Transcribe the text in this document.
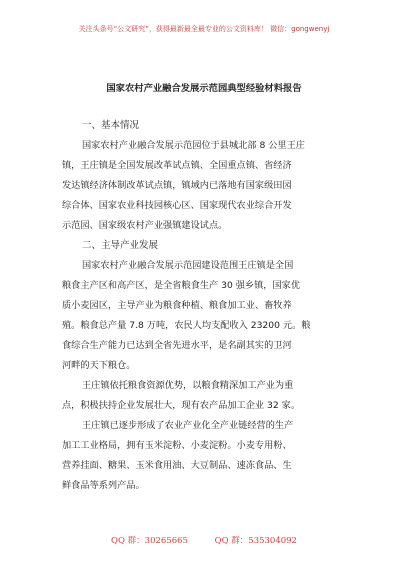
关注头条号“公文研究”，获得最新最全最专业的公文资料库！ 微信：gongwenyj
国家农村产业融合发展示范园典型经验材料报告
一、基本情况

国家农村产业融合发展示范园位于县城北部 8 公里王庄
镇，王庄镇是全国发展改革试点镇、全国重点镇、省经济
发达镇经济体制改革试点镇，镇域内已落地有国家级田园
综合体、国家农业科技园核心区、国家现代农业综合开发
示范园、国家级农村产业强镇建设试点。

二、主导产业发展

国家农村产业融合发展示范园建设范围王庄镇是全国
粮食主产区和高产区，是全省粮食生产 30 强乡镇，国家优
质小麦园区，主导产业为粮食种植、粮食加工业、畜牧养
殖。粮食总产量 7.8 万吨，农民人均支配收入 23200 元。粮
食综合生产能力已达到全省先进水平，是名副其实的卫河
河畔的天下粮仓。

王庄镇依托粮食资源优势，以粮食精深加工产业为重
点，积极扶持企业发展壮大，现有农产品加工企业 32 家。

王庄镇已逐步形成了农业产业化全产业链经营的生产
加工工业格局，拥有玉米淀粉、小麦淀粉。小麦专用粉、
营养挂面、糖果、玉米食用油、大豆制品、速冻食品、生
鲜食品等系列产品。

QQ 群：30265665	QQ 群：535304092
